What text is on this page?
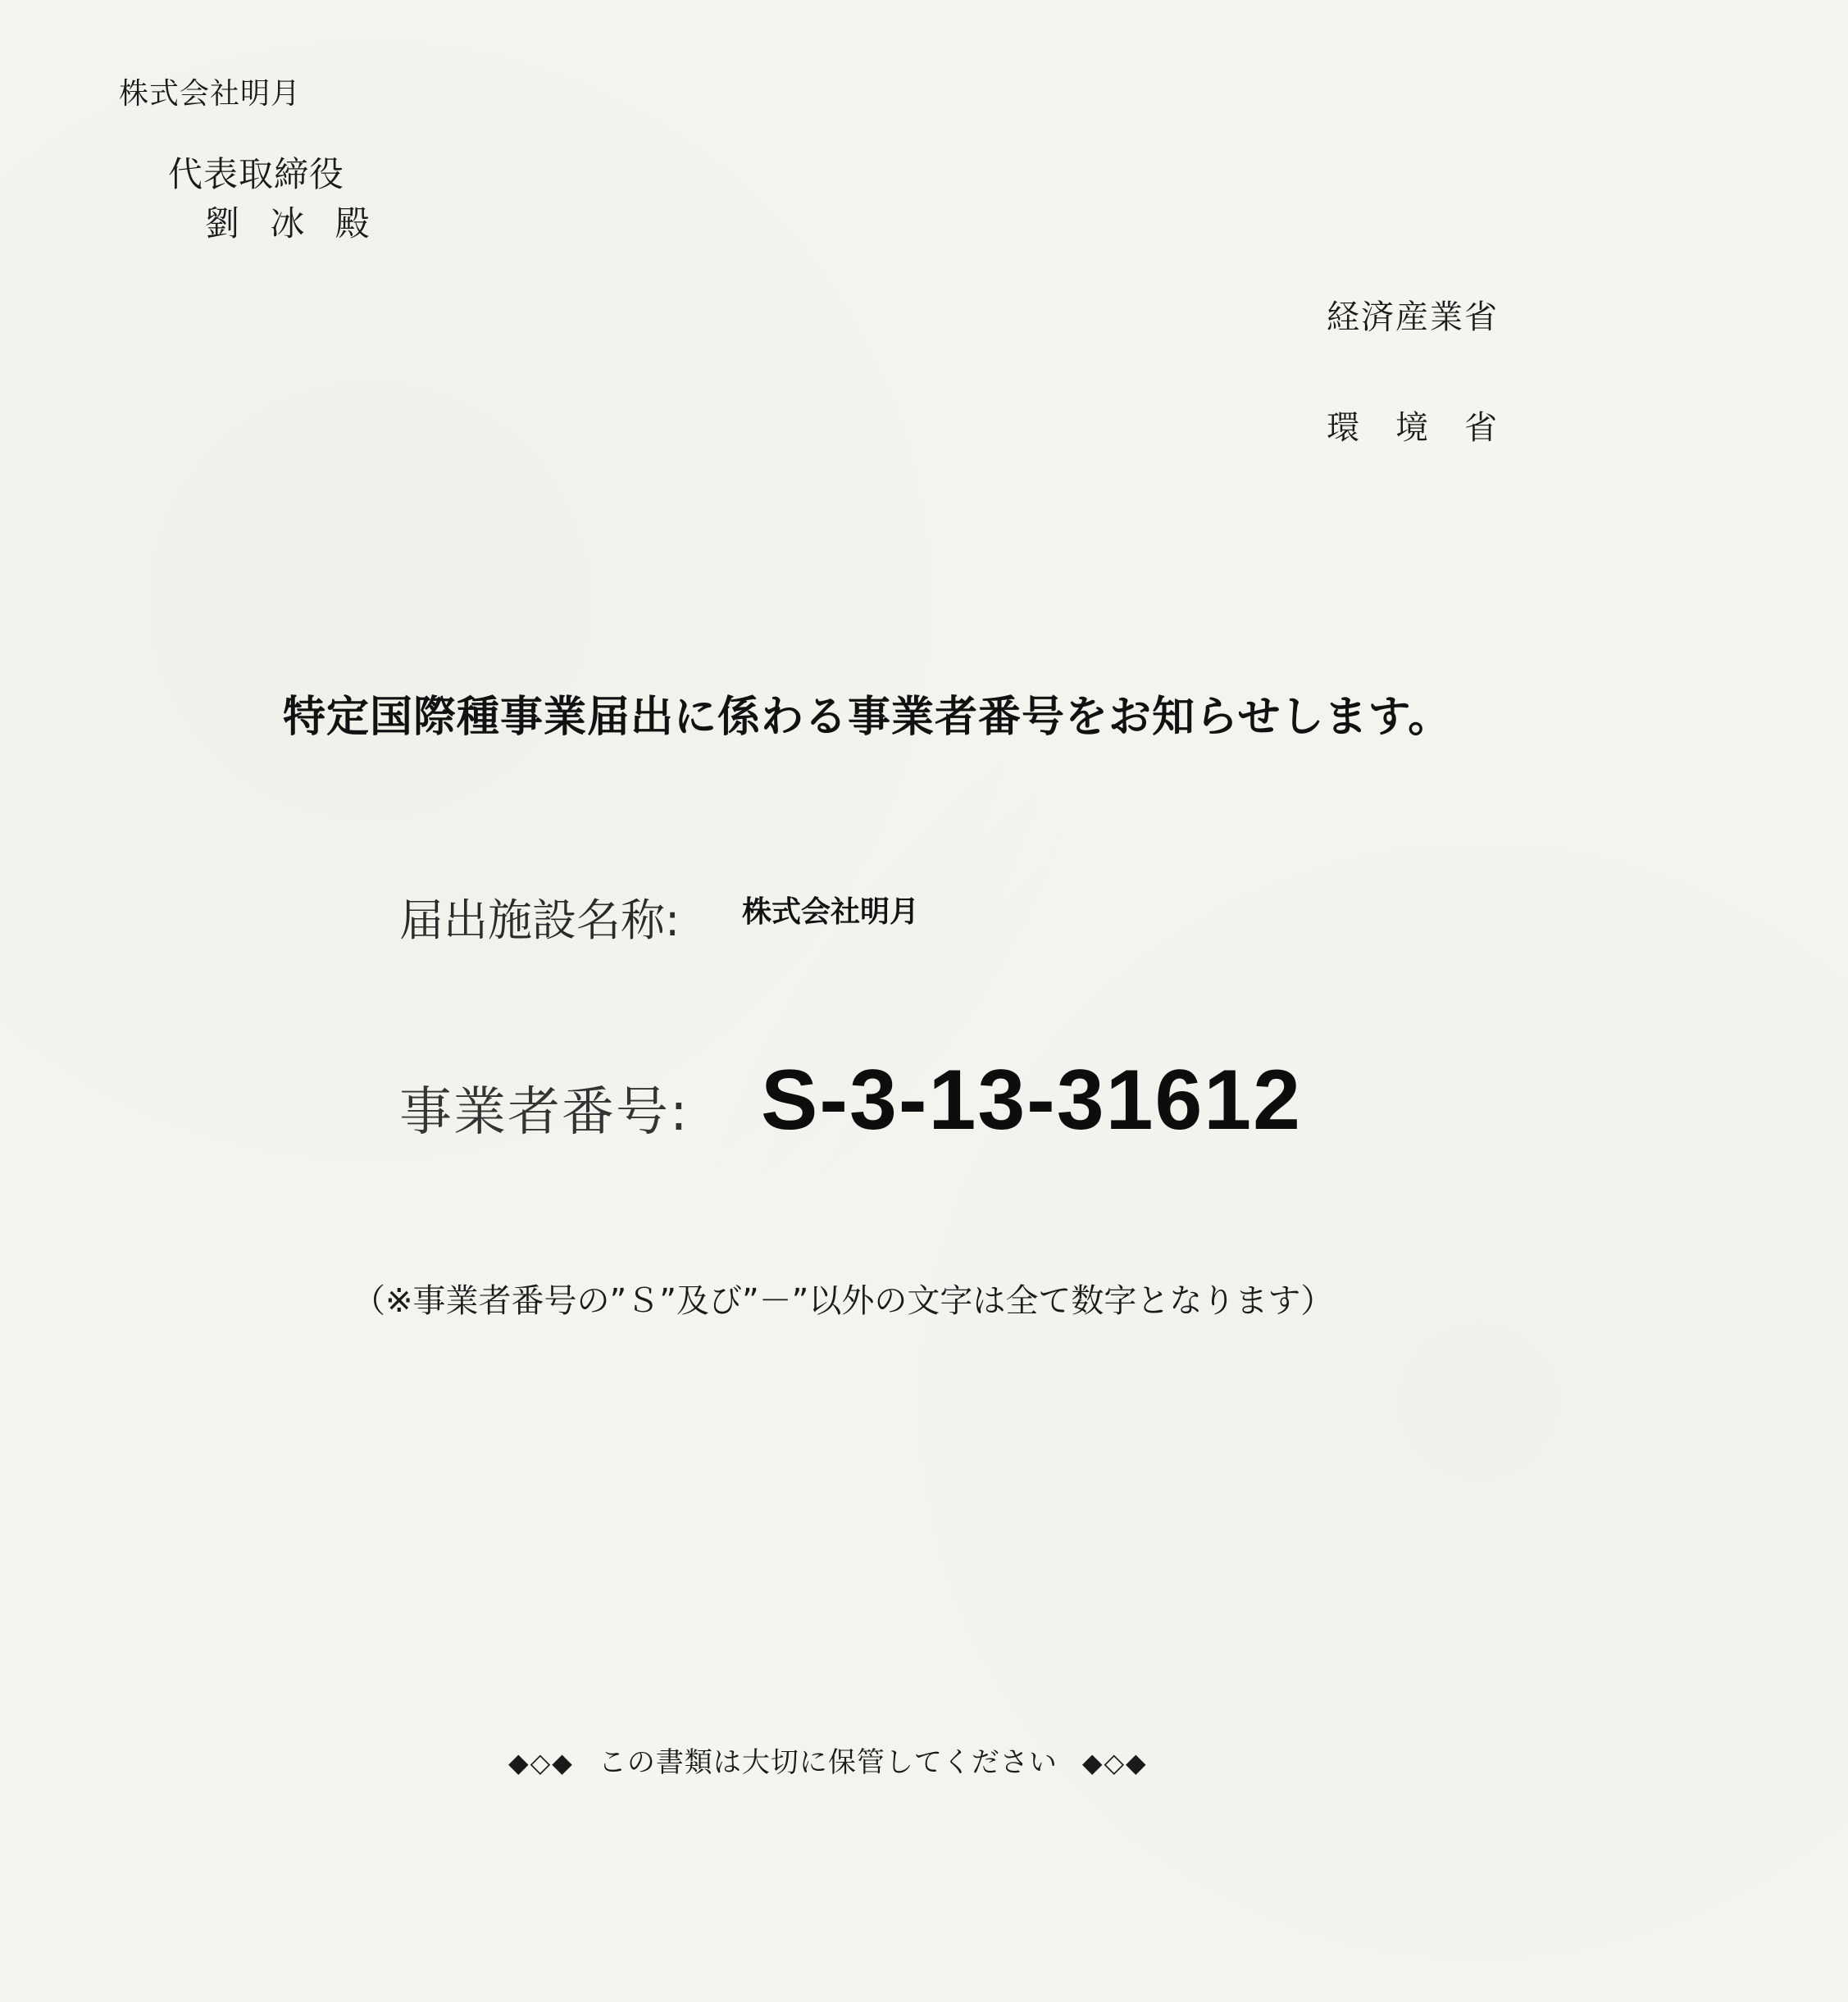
株式会社明月
代表取締役
劉 冰 殿
経済産業省
環境省
特定国際種事業届出に係わる事業者番号をお知らせします。
届出施設名称: 株式会社明月
事業者番号: S-3-13-31612
（※事業者番号の”Ｓ”及び”－”以外の文字は全て数字となります）
◆◇◆ この書類は大切に保管してください ◆◇◆
